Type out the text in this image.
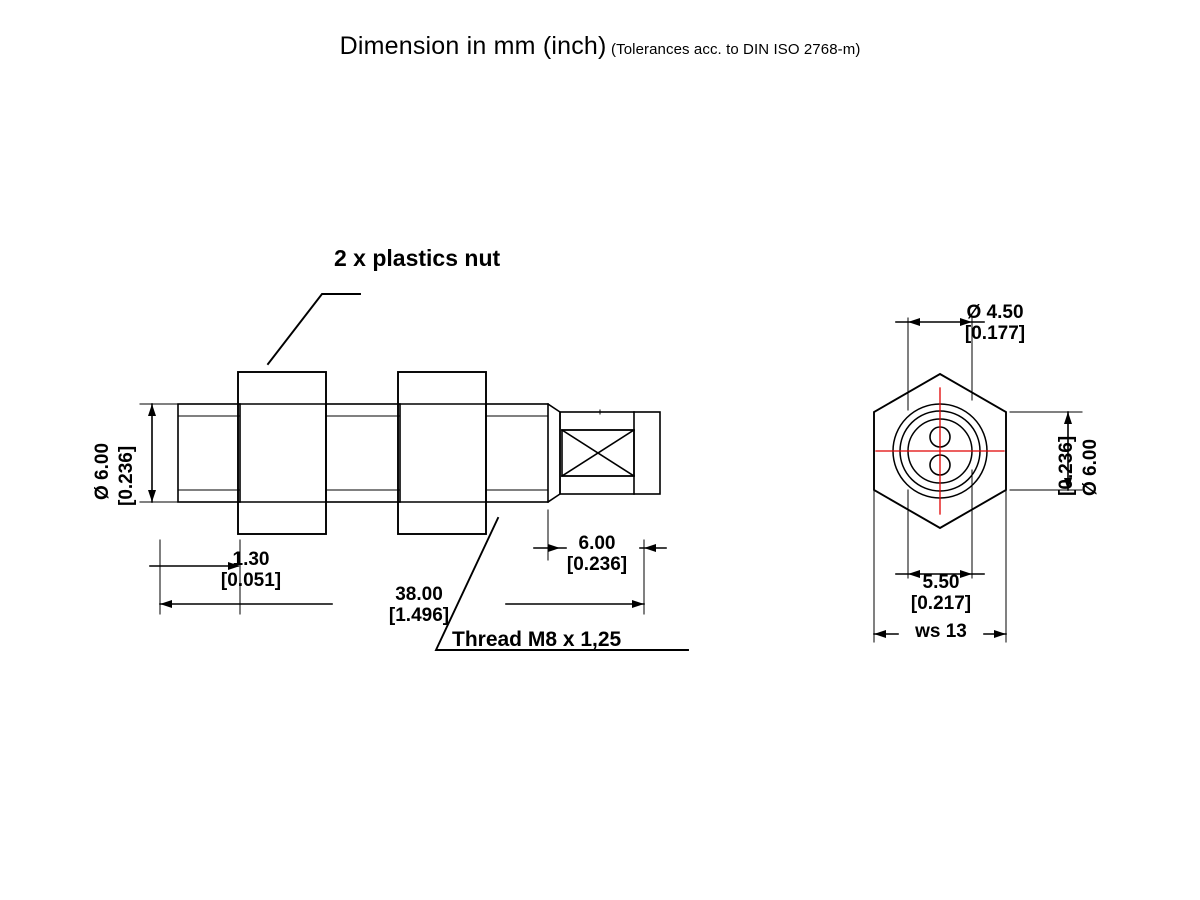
Dimension in mm (inch) (Tolerances acc. to DIN ISO 2768-m)
2 x plastics nut
Thread M8 x 1,25
Ø 6.00 [0.236]
1.30
[0.051]
38.00
[1.496]
6.00
[0.236]
Ø 4.50
[0.177]
Ø 6.00
[0.236]
5.50
[0.217]
ws 13
